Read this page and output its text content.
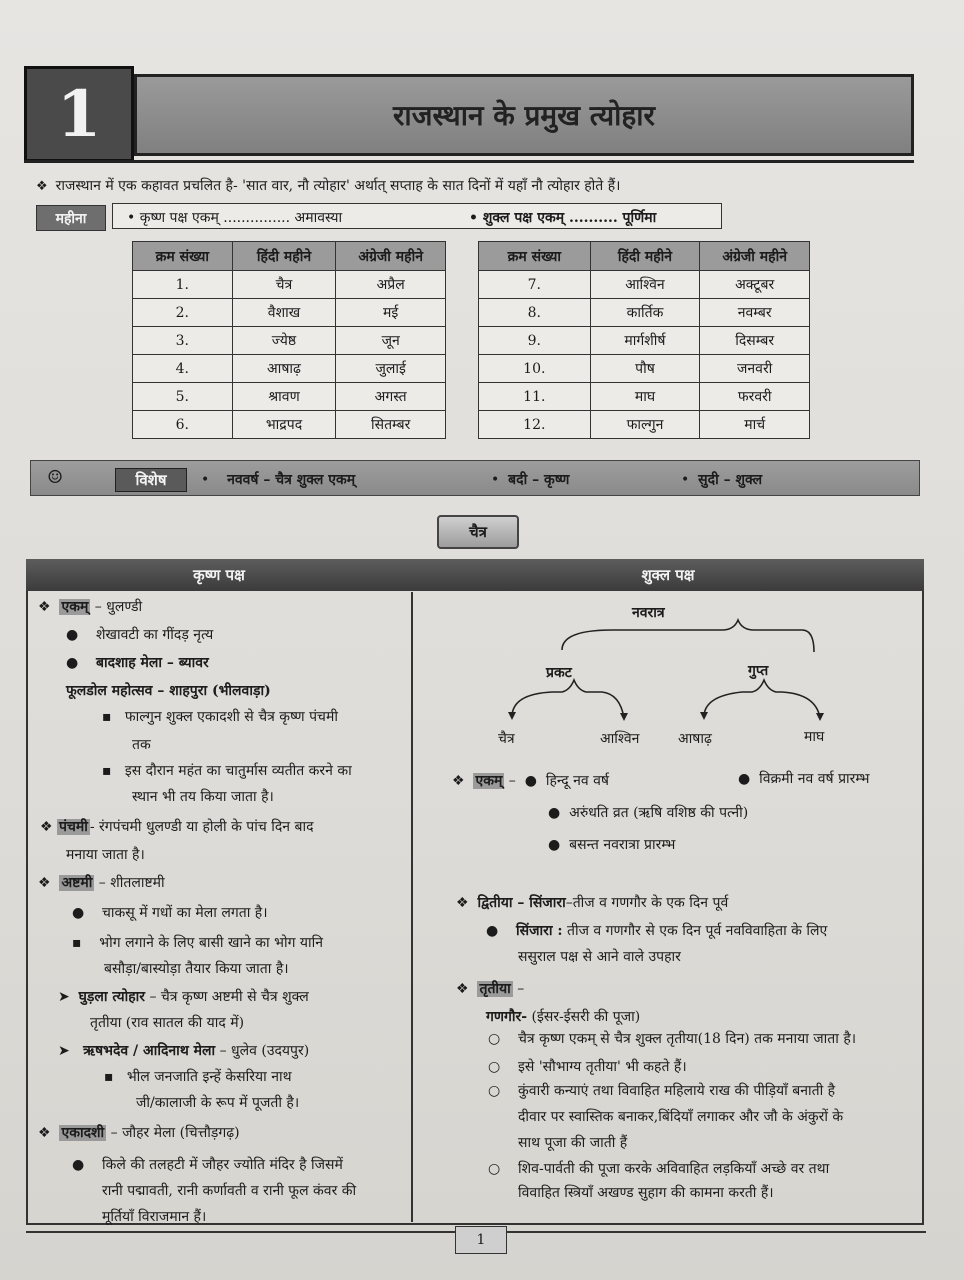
1	राजस्थान के प्रमुख त्योहार
❖ राजस्थान में एक कहावत प्रचलित है- 'सात वार, नौ त्योहार' अर्थात् सप्ताह के सात दिनों में यहाँ नौ त्योहार होते हैं।
महीना	• कृष्ण पक्ष एकम् ............... अमावस्या	• शुक्ल पक्ष एकम् .......... पूर्णिमा
क्रम संख्या	हिंदी महीने	अंग्रेजी महीने
1.	चैत्र	अप्रैल
2.	वैशाख	मई
3.	ज्येष्ठ	जून
4.	आषाढ़	जुलाई
5.	श्रावण	अगस्त
6.	भाद्रपद	सितम्बर
क्रम संख्या	हिंदी महीने	अंग्रेजी महीने
7.	आश्विन	अक्टूबर
8.	कार्तिक	नवम्बर
9.	मार्गशीर्ष	दिसम्बर
10.	पौष	जनवरी
11.	माघ	फरवरी
12.	फाल्गुन	मार्च
☺	विशेष	•    नववर्ष – चैत्र शुक्ल एकम्	•  बदी – कृष्ण	•  सुदी – शुक्ल
चैत्र
कृष्ण पक्ष	शुक्ल पक्ष
❖ एकम् – धुलण्डी
●    शेखावटी का गींदड़ नृत्य
●    बादशाह मेला – ब्यावर
फूलडोल महोत्सव – शाहपुरा (भीलवाड़ा)
▪   फाल्गुन शुक्ल एकादशी से चैत्र कृष्ण पंचमी
तक
▪   इस दौरान महंत का चातुर्मास व्यतीत करने का
स्थान भी तय किया जाता है।
❖ पंचमी - रंगपंचमी धुलण्डी या होली के पांच दिन बाद
मनाया जाता है।
❖ अष्टमी – शीतलाष्टमी
●    चाकसू में गधों का मेला लगता है।
▪    भोग लगाने के लिए बासी खाने का भोग यानि
बसौड़ा/बास्योड़ा तैयार किया जाता है।
➤  घुड़ला त्योहार – चैत्र कृष्ण अष्टमी से चैत्र शुक्ल
तृतीया (राव सातल की याद में)
➤   ऋषभदेव / आदिनाथ मेला – धुलेव (उदयपुर)
▪   भील जनजाति इन्हें केसरिया नाथ
जी/कालाजी के रूप में पूजती है।
❖ एकादशी – जौहर मेला (चित्तौड़गढ़)
●    किले की तलहटी में जौहर ज्योति मंदिर है जिसमें
रानी पद्मावती, रानी कर्णावती व रानी फूल कंवर की
मूर्तियाँ विराजमान हैं।
नवरात्र
प्रकट	गुप्त
चैत्र	आश्विन	आषाढ़	माघ
❖ एकम् –  ●  हिन्दू नव वर्ष	●  विक्रमी नव वर्ष प्रारम्भ
●  अरुंधति व्रत (ऋषि वशिष्ठ की पत्नी)
●  बसन्त नवरात्रा प्रारम्भ
❖ द्वितीया – सिंजारा–तीज व गणगौर के एक दिन पूर्व
●    सिंजारा : तीज व गणगौर से एक दिन पूर्व नवविवाहिता के लिए
ससुराल पक्ष से आने वाले उपहार
❖ तृतीया –
गणगौर- (ईसर-ईसरी की पूजा)
○    चैत्र कृष्ण एकम् से चैत्र शुक्ल तृतीया(18 दिन) तक मनाया जाता है।
○    इसे 'सौभाग्य तृतीया' भी कहते हैं।
○    कुंवारी कन्याएं तथा विवाहित महिलाये राख की पीड़ियाँ बनाती है
दीवार पर स्वास्तिक बनाकर,बिंदियाँ लगाकर और जौ के अंकुरों के
साथ पूजा की जाती हैं
○    शिव-पार्वती की पूजा करके अविवाहित लड़कियाँ अच्छे वर तथा
विवाहित स्त्रियाँ अखण्ड सुहाग की कामना करती हैं।
1
